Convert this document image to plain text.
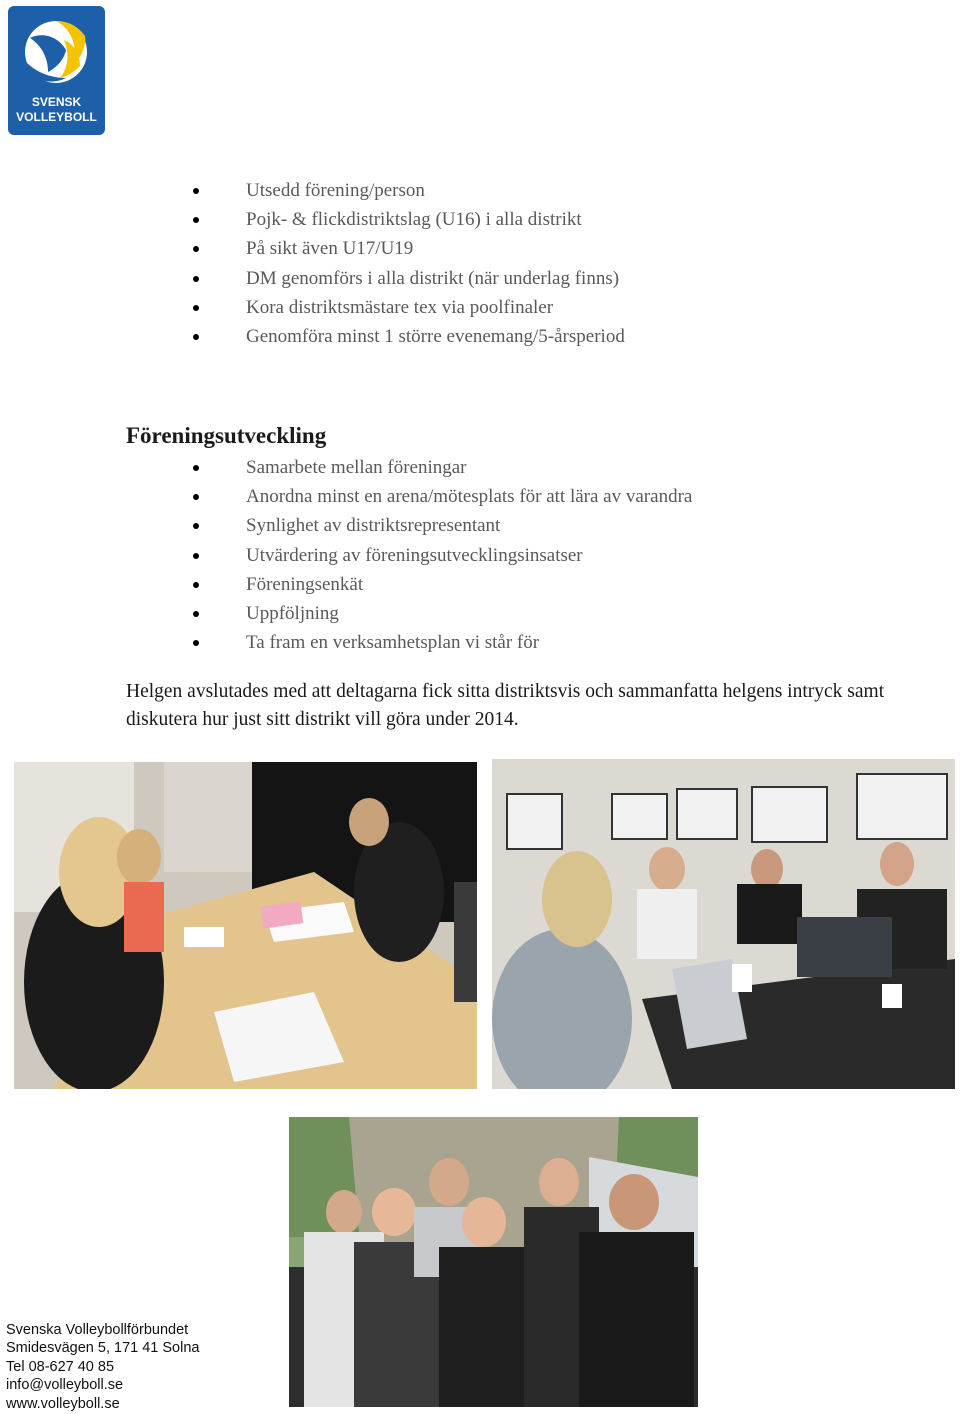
SVENSK
VOLLEYBOLL
Utsedd förening/person
Pojk- & flickdistriktslag (U16) i alla distrikt
På sikt även U17/U19
DM genomförs i alla distrikt (när underlag finns)
Kora distriktsmästare tex via poolfinaler
Genomföra minst 1 större evenemang/5-årsperiod
Föreningsutveckling
Samarbete mellan föreningar
Anordna minst en arena/mötesplats för att lära av varandra
Synlighet av distriktsrepresentant
Utvärdering av föreningsutvecklingsinsatser
Föreningsenkät
Uppföljning
Ta fram en verksamhetsplan vi står för

Helgen avslutades med att deltagarna fick sitta distriktsvis och sammanfatta helgens intryck samt diskutera hur just sitt distrikt vill göra under 2014.

Svenska Volleybollförbundet
Smidesvägen 5, 171 41 Solna
Tel 08-627 40 85
info@volleyboll.se
www.volleyboll.se
